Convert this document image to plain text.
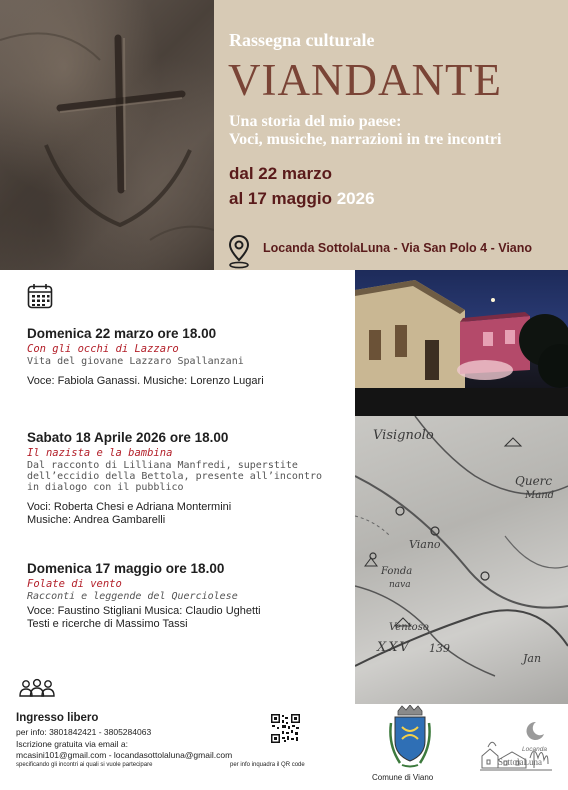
Rassegna culturale
VIANDANTE
Una storia del mio paese:
Voci, musiche, narrazioni in tre incontri
dal 22 marzo
al 17 maggio 2026
Locanda SottolaLuna - Via San Polo 4 - Viano
Domenica 22 marzo ore 18.00
Con gli occhi di Lazzaro
Vita del giovane Lazzaro Spallanzani
Voce: Fabiola Ganassi. Musiche: Lorenzo Lugari
Sabato 18 Aprile 2026 ore 18.00
Il nazista e la bambina
Dal racconto di Lilliana Manfredi, superstite
dell’eccidio della Bettola, presente all’incontro
in dialogo con il pubblico
Voci: Roberta Chesi e Adriana Montermini
Musiche: Andrea Gambarelli
Domenica 17 maggio ore 18.00
Folate di vento
Racconti e leggende del Querciolese
Voce: Faustino Stigliani Musica: Claudio Ughetti
Testi e ricerche di Massimo Tassi
Visignolo
Querc
Mand
Viano
Fonda
nava
Ventoso
XXV 139
Jan
Ingresso libero
per info: 3801842421 - 3805284063
Iscrizione gratuita via email a:
mcasini101@gmail.com - locandasottolaluna@gmail.com
specificando gli incontri ai quali si vuole partecipare	per info inquadra il QR code
Comune di Viano
Locanda
SottolaLuna
